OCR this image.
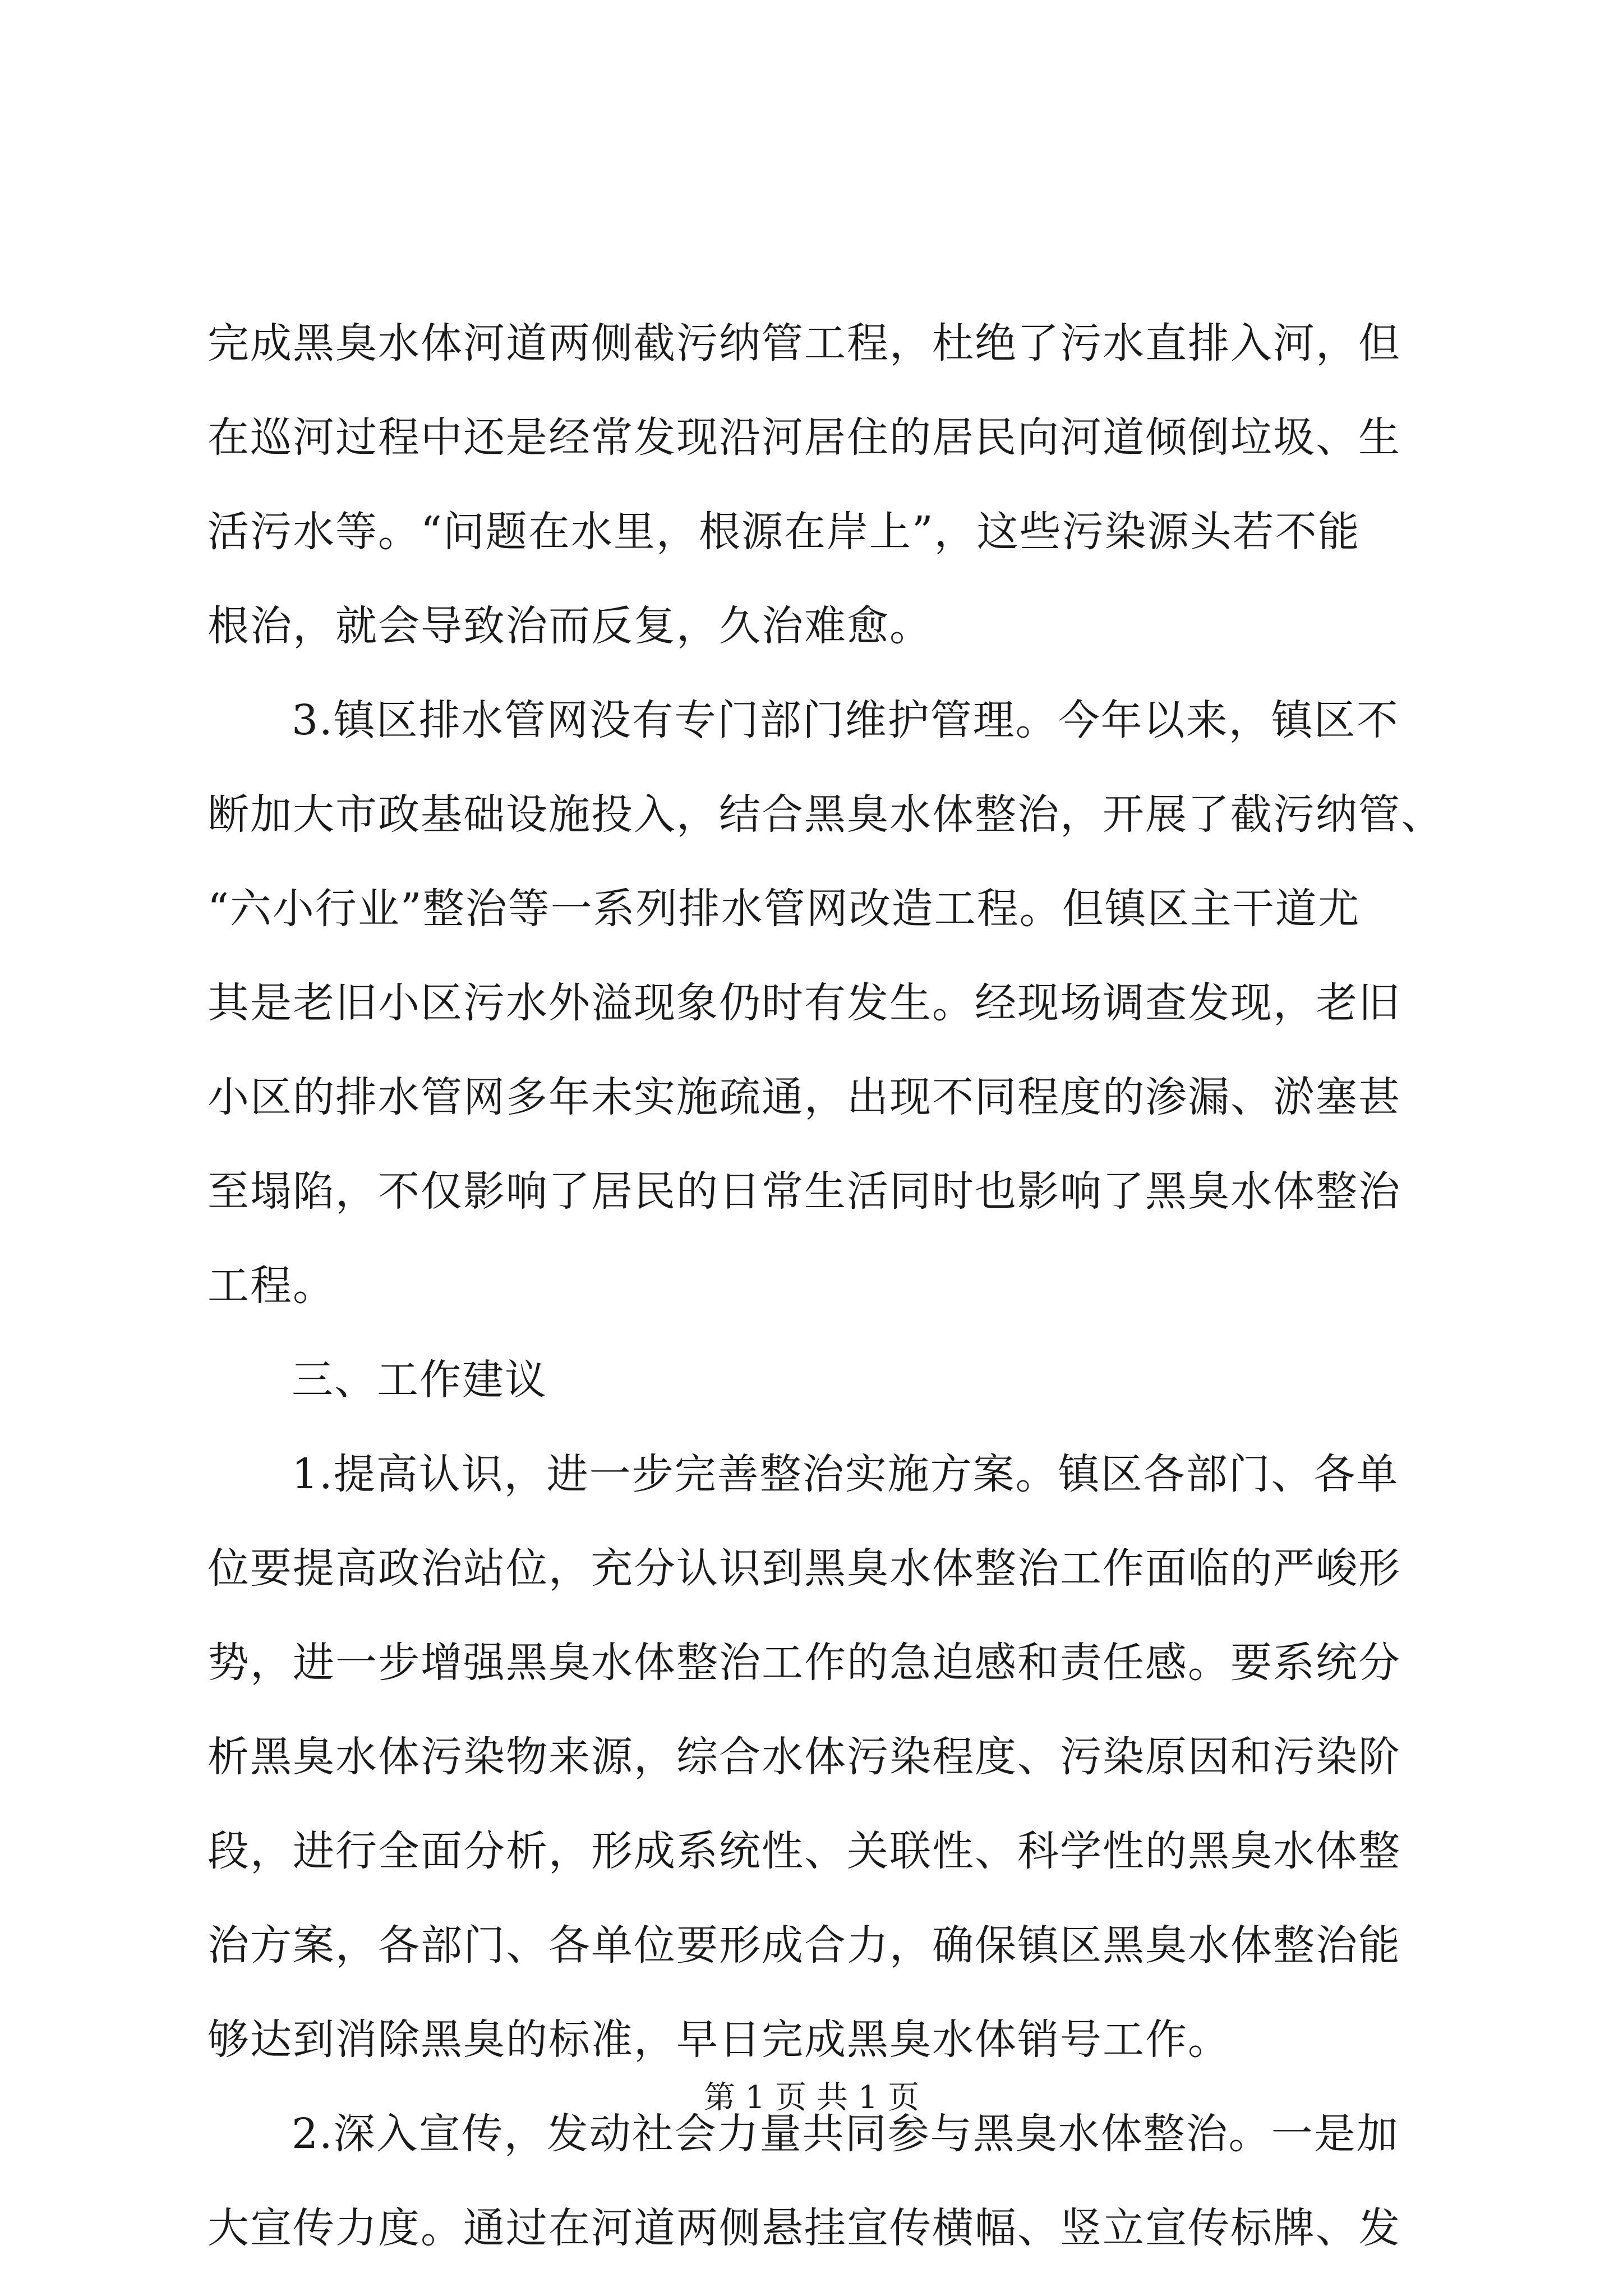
完成黑臭水体河道两侧截污纳管工程，杜绝了污水直排入河，但
在巡河过程中还是经常发现沿河居住的居民向河道倾倒垃圾、生
活污水等。“问题在水里，根源在岸上”，这些污染源头若不能
根治，就会导致治而反复，久治难愈。
3.镇区排水管网没有专门部门维护管理。今年以来，镇区不
断加大市政基础设施投入，结合黑臭水体整治，开展了截污纳管、
“六小行业”整治等一系列排水管网改造工程。但镇区主干道尤
其是老旧小区污水外溢现象仍时有发生。经现场调查发现，老旧
小区的排水管网多年未实施疏通，出现不同程度的渗漏、淤塞甚
至塌陷，不仅影响了居民的日常生活同时也影响了黑臭水体整治
工程。
三、工作建议
1.提高认识，进一步完善整治实施方案。镇区各部门、各单
位要提高政治站位，充分认识到黑臭水体整治工作面临的严峻形
势，进一步增强黑臭水体整治工作的急迫感和责任感。要系统分
析黑臭水体污染物来源，综合水体污染程度、污染原因和污染阶
段，进行全面分析，形成系统性、关联性、科学性的黑臭水体整
治方案，各部门、各单位要形成合力，确保镇区黑臭水体整治能
够达到消除黑臭的标准，早日完成黑臭水体销号工作。
2.深入宣传，发动社会力量共同参与黑臭水体整治。一是加
大宣传力度。通过在河道两侧悬挂宣传横幅、竖立宣传标牌、发
第 1 页 共 1 页
